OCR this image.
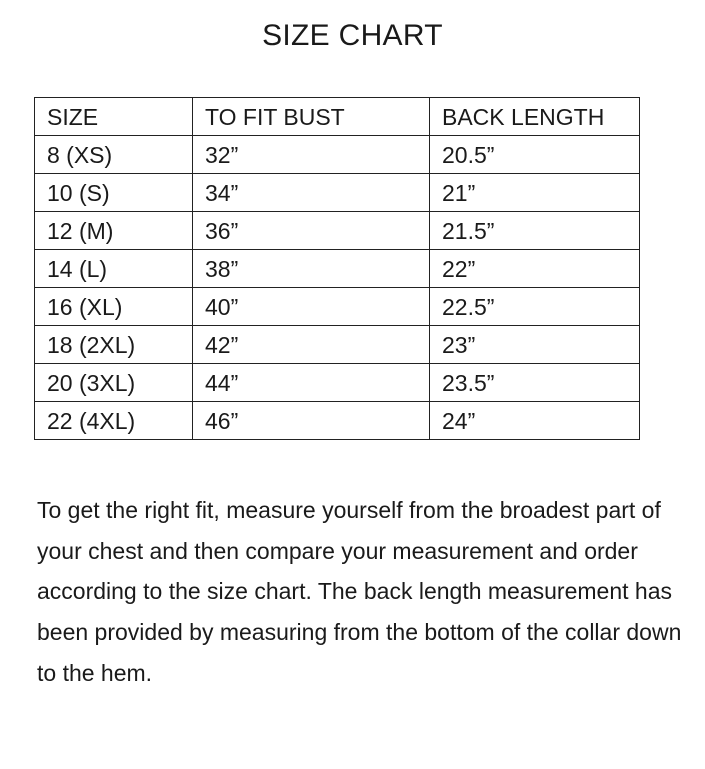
SIZE CHART
SIZE	TO FIT BUST	BACK LENGTH
8 (XS)	32”	20.5”
10 (S)	34”	21”
12 (M)	36”	21.5”
14 (L)	38”	22”
16 (XL)	40”	22.5”
18 (2XL)	42”	23”
20 (3XL)	44”	23.5”
22 (4XL)	46”	24”
To get the right fit, measure yourself from the broadest part of your chest and then compare your measurement and order according to the size chart. The back length measurement has been provided by measuring from the bottom of the collar down to the hem.
